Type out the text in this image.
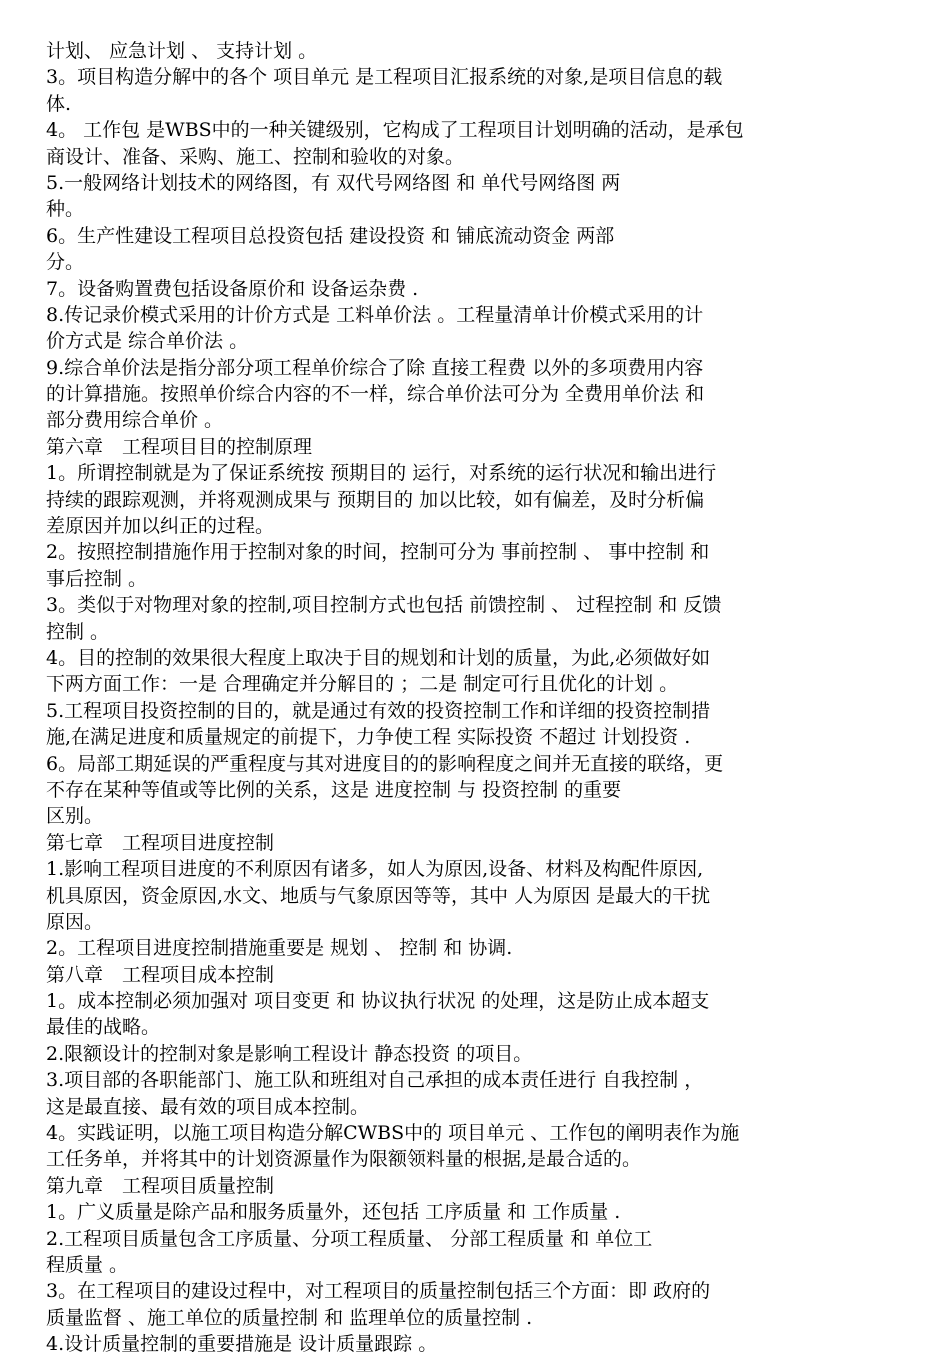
计划、 应急计划 、 支持计划 。
3。项目构造分解中的各个 项目单元 是工程项目汇报系统的对象,是项目信息的载
体.
4。 工作包 是WBS中的一种关键级别，它构成了工程项目计划明确的活动，是承包
商设计、准备、采购、施工、控制和验收的对象。
5.一般网络计划技术的网络图，有 双代号网络图 和 单代号网络图 两
种。
6。生产性建设工程项目总投资包括 建设投资 和 铺底流动资金 两部
分。
7。设备购置费包括设备原价和 设备运杂费 .
8.传记录价模式采用的计价方式是 工料单价法 。工程量清单计价模式采用的计
价方式是 综合单价法 。
9.综合单价法是指分部分项工程单价综合了除 直接工程费 以外的多项费用内容
的计算措施。按照单价综合内容的不一样，综合单价法可分为 全费用单价法 和
部分费用综合单价 。
第六章　工程项目目的控制原理
1。所谓控制就是为了保证系统按 预期目的 运行，对系统的运行状况和输出进行
持续的跟踪观测，并将观测成果与 预期目的 加以比较，如有偏差，及时分析偏
差原因并加以纠正的过程。
2。按照控制措施作用于控制对象的时间，控制可分为 事前控制 、 事中控制 和
事后控制 。
3。类似于对物理对象的控制,项目控制方式也包括 前馈控制 、 过程控制 和 反馈
控制 。
4。目的控制的效果很大程度上取决于目的规划和计划的质量，为此,必须做好如
下两方面工作：一是 合理确定并分解目的 ；二是 制定可行且优化的计划 。
5.工程项目投资控制的目的，就是通过有效的投资控制工作和详细的投资控制措
施,在满足进度和质量规定的前提下，力争使工程 实际投资 不超过 计划投资 .
6。局部工期延误的严重程度与其对进度目的的影响程度之间并无直接的联络，更
不存在某种等值或等比例的关系，这是 进度控制 与 投资控制 的重要
区别。
第七章　工程项目进度控制
1.影响工程项目进度的不利原因有诸多，如人为原因,设备、材料及构配件原因,
机具原因，资金原因,水文、地质与气象原因等等，其中 人为原因 是最大的干扰
原因。
2。工程项目进度控制措施重要是 规划 、 控制 和 协调.
第八章　工程项目成本控制
1。成本控制必须加强对 项目变更 和 协议执行状况 的处理，这是防止成本超支
最佳的战略。
2.限额设计的控制对象是影响工程设计 静态投资 的项目。
3.项目部的各职能部门、施工队和班组对自己承担的成本责任进行 自我控制 ，
这是最直接、最有效的项目成本控制。
4。实践证明，以施工项目构造分解CWBS中的 项目单元 、工作包的阐明表作为施
工任务单，并将其中的计划资源量作为限额领料量的根据,是最合适的。
第九章　工程项目质量控制
1。广义质量是除产品和服务质量外，还包括 工序质量 和 工作质量 .
2.工程项目质量包含工序质量、分项工程质量、 分部工程质量 和 单位工
程质量 。
3。在工程项目的建设过程中，对工程项目的质量控制包括三个方面：即 政府的
质量监督 、施工单位的质量控制 和 监理单位的质量控制 .
4.设计质量控制的重要措施是 设计质量跟踪 。
